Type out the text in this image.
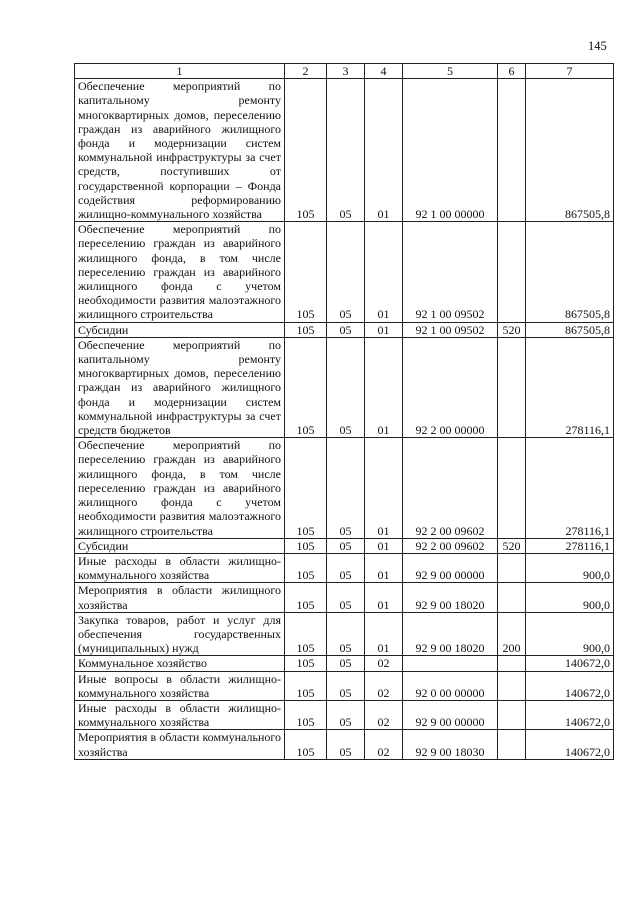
145
1	2	3	4	5	6	7
Обеспечение мероприятий по капитальному ремонту многоквартирных домов, переселению граждан из аварийного жилищного фонда и модернизации систем коммунальной инфраструктуры за счет средств, поступивших от государственной корпорации – Фонда содействия реформированию жилищно-коммунального хозяйства	105	05	01	92 1 00 00000		867505,8
Обеспечение мероприятий по переселению граждан из аварийного жилищного фонда, в том числе переселению граждан из аварийного жилищного фонда с учетом необходимости развития малоэтажного жилищного строительства	105	05	01	92 1 00 09502		867505,8
Субсидии	105	05	01	92 1 00 09502	520	867505,8
Обеспечение мероприятий по капитальному ремонту многоквартирных домов, переселению граждан из аварийного жилищного фонда и модернизации систем коммунальной инфраструктуры за счет средств бюджетов	105	05	01	92 2 00 00000		278116,1
Обеспечение мероприятий по переселению граждан из аварийного жилищного фонда, в том числе переселению граждан из аварийного жилищного фонда с учетом необходимости развития малоэтажного жилищного строительства	105	05	01	92 2 00 09602		278116,1
Субсидии	105	05	01	92 2 00 09602	520	278116,1
Иные расходы в области жилищно-коммунального хозяйства	105	05	01	92 9 00 00000		900,0
Мероприятия в области жилищного хозяйства	105	05	01	92 9 00 18020		900,0
Закупка товаров, работ и услуг для обеспечения государственных (муниципальных) нужд	105	05	01	92 9 00 18020	200	900,0
Коммунальное хозяйство	105	05	02			140672,0
Иные вопросы в области жилищно-коммунального хозяйства	105	05	02	92 0 00 00000		140672,0
Иные расходы в области жилищно-коммунального хозяйства	105	05	02	92 9 00 00000		140672,0
Мероприятия в области коммунального хозяйства	105	05	02	92 9 00 18030		140672,0
